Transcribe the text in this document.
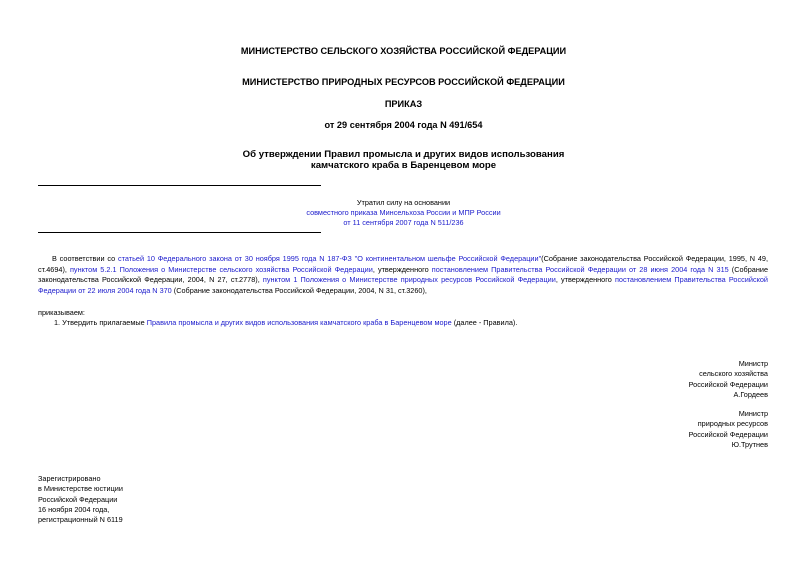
МИНИСТЕРСТВО СЕЛЬСКОГО ХОЗЯЙСТВА РОССИЙСКОЙ ФЕДЕРАЦИИ
МИНИСТЕРСТВО ПРИРОДНЫХ РЕСУРСОВ РОССИЙСКОЙ ФЕДЕРАЦИИ
ПРИКАЗ
от 29 сентября 2004 года N 491/654
Об утверждении Правил промысла и других видов использования
камчатского краба в Баренцевом море
Утратил силу на основании
совместного приказа Минсельхоза России и МПР России
от 11 сентября 2007 года N 511/236
В соответствии со статьей 10 Федерального закона от 30 ноября 1995 года N 187-ФЗ "О континентальном шельфе Российской Федерации"(Собрание законодательства Российской Федерации, 1995, N 49, ст.4694), пунктом 5.2.1 Положения о Министерстве сельского хозяйства Российской Федерации, утвержденного постановлением Правительства Российской Федерации от 28 июня 2004 года N 315 (Собрание законодательства Российской Федерации, 2004, N 27, ст.2778), пунктом 1 Положения о Министерстве природных ресурсов Российской Федерации, утвержденного постановлением Правительства Российской Федерации от 22 июля 2004 года N 370 (Собрание законодательства Российской Федерации, 2004, N 31, ст.3260),
приказываем:
1. Утвердить прилагаемые Правила промысла и других видов использования камчатского краба в Баренцевом море (далее - Правила).
Министр
сельского хозяйства
Российской Федерации
А.Гордеев
Министр
природных ресурсов
Российской Федерации
Ю.Трутнев
Зарегистрировано
в Министерстве юстиции
Российской Федерации
16 ноября 2004 года,
регистрационный N 6119
